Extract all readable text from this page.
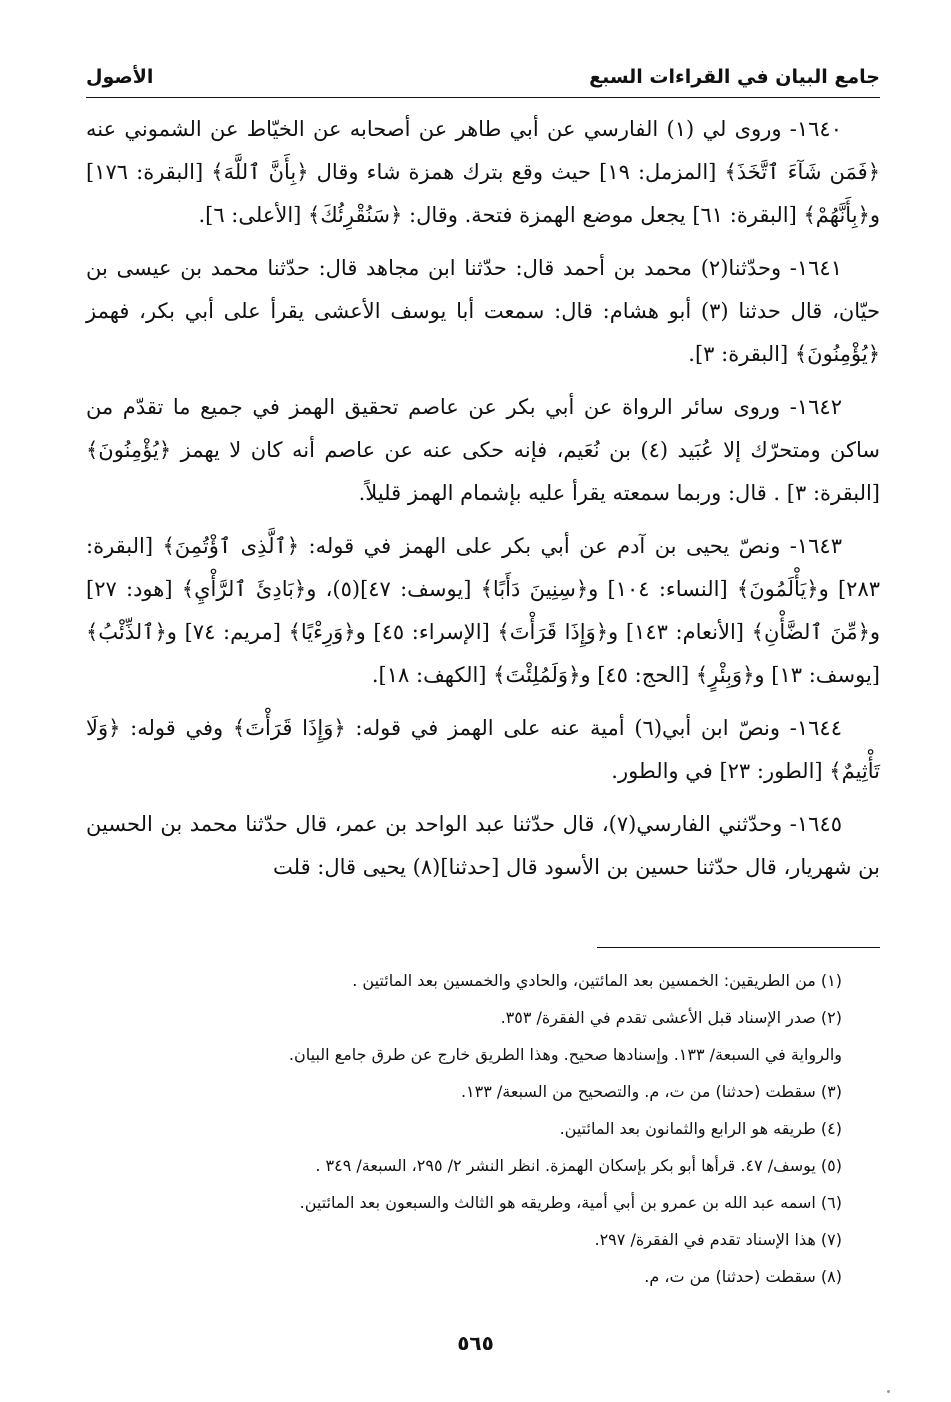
جامع البيان في القراءات السبع
الأصول

١٦٤٠- وروى لي (١) الفارسي عن أبي طاهر عن أصحابه عن الخيّاط عن الشموني عنه ﴿فَمَن شَآءَ ٱتَّخَذَ﴾ [المزمل: ١٩] حيث وقع بترك همزة شاء وقال ﴿بِأَنَّ ٱللَّهَ﴾ [البقرة: ١٧٦] و﴿بِأَنَّهُمْ﴾ [البقرة: ٦١] يجعل موضع الهمزة فتحة. وقال: ﴿سَنُقْرِئُكَ﴾ [الأعلى: ٦].

١٦٤١- وحدّثنا(٢) محمد بن أحمد قال: حدّثنا ابن مجاهد قال: حدّثنا محمد بن عيسى بن حيّان، قال حدثنا (٣) أبو هشام: قال: سمعت أبا يوسف الأعشى يقرأ على أبي بكر، فهمز ﴿يُؤْمِنُونَ﴾ [البقرة: ٣].

١٦٤٢- وروى سائر الرواة عن أبي بكر عن عاصم تحقيق الهمز في جميع ما تقدّم من ساكن ومتحرّك إلا عُبَيد (٤) بن نُعَيم، فإنه حكى عنه عن عاصم أنه كان لا يهمز ﴿يُؤْمِنُونَ﴾ [البقرة: ٣] . قال: وربما سمعته يقرأ عليه بإشمام الهمز قليلاً.

١٦٤٣- ونصّ يحيى بن آدم عن أبي بكر على الهمز في قوله: ﴿ٱلَّذِى ٱؤْتُمِنَ﴾ [البقرة: ٢٨٣] و﴿يَأْلَمُونَ﴾ [النساء: ١٠٤] و﴿سِنِينَ دَأَبًا﴾ [يوسف: ٤٧](٥)، و﴿بَادِئَ ٱلرَّأْيِ﴾ [هود: ٢٧] و﴿مِّنَ ٱلضَّأْنِ﴾ [الأنعام: ١٤٣] و﴿وَإِذَا قَرَأْتَ﴾ [الإسراء: ٤٥] و﴿وَرِءْيًا﴾ [مريم: ٧٤] و﴿ٱلذِّئْبُ﴾ [يوسف: ١٣] و﴿وَبِئْرٍ﴾ [الحج: ٤٥] و﴿وَلَمُلِئْتَ﴾ [الكهف: ١٨].

١٦٤٤- ونصّ ابن أبي(٦) أمية عنه على الهمز في قوله: ﴿وَإِذَا قَرَأْتَ﴾ وفي قوله: ﴿وَلَا تَأْثِيمٌ﴾ [الطور: ٢٣] في والطور.

١٦٤٥- وحدّثني الفارسي(٧)، قال حدّثنا عبد الواحد بن عمر، قال حدّثنا محمد بن الحسين بن شهريار، قال حدّثنا حسين بن الأسود قال [حدثنا](٨) يحيى قال: قلت

(١) من الطريقين: الخمسين بعد المائتين، والحادي والخمسين بعد المائتين .

(٢) صدر الإسناد قبل الأعشى تقدم في الفقرة/ ٣٥٣.

والرواية في السبعة/ ١٣٣. وإسنادها صحيح. وهذا الطريق خارج عن طرق جامع البيان.

(٣) سقطت (حدثنا) من ت، م. والتصحيح من السبعة/ ١٣٣.

(٤) طريقه هو الرابع والثمانون بعد المائتين.

(٥) يوسف/ ٤٧. قرأها أبو بكر بإسكان الهمزة. انظر النشر ٢/ ٢٩٥، السبعة/ ٣٤٩ .

(٦) اسمه عبد الله بن عمرو بن أبي أمية، وطريقه هو الثالث والسبعون بعد المائتين.

(٧) هذا الإسناد تقدم في الفقرة/ ٢٩٧.

(٨) سقطت (حدثنا) من ت، م.

٥٦٥
